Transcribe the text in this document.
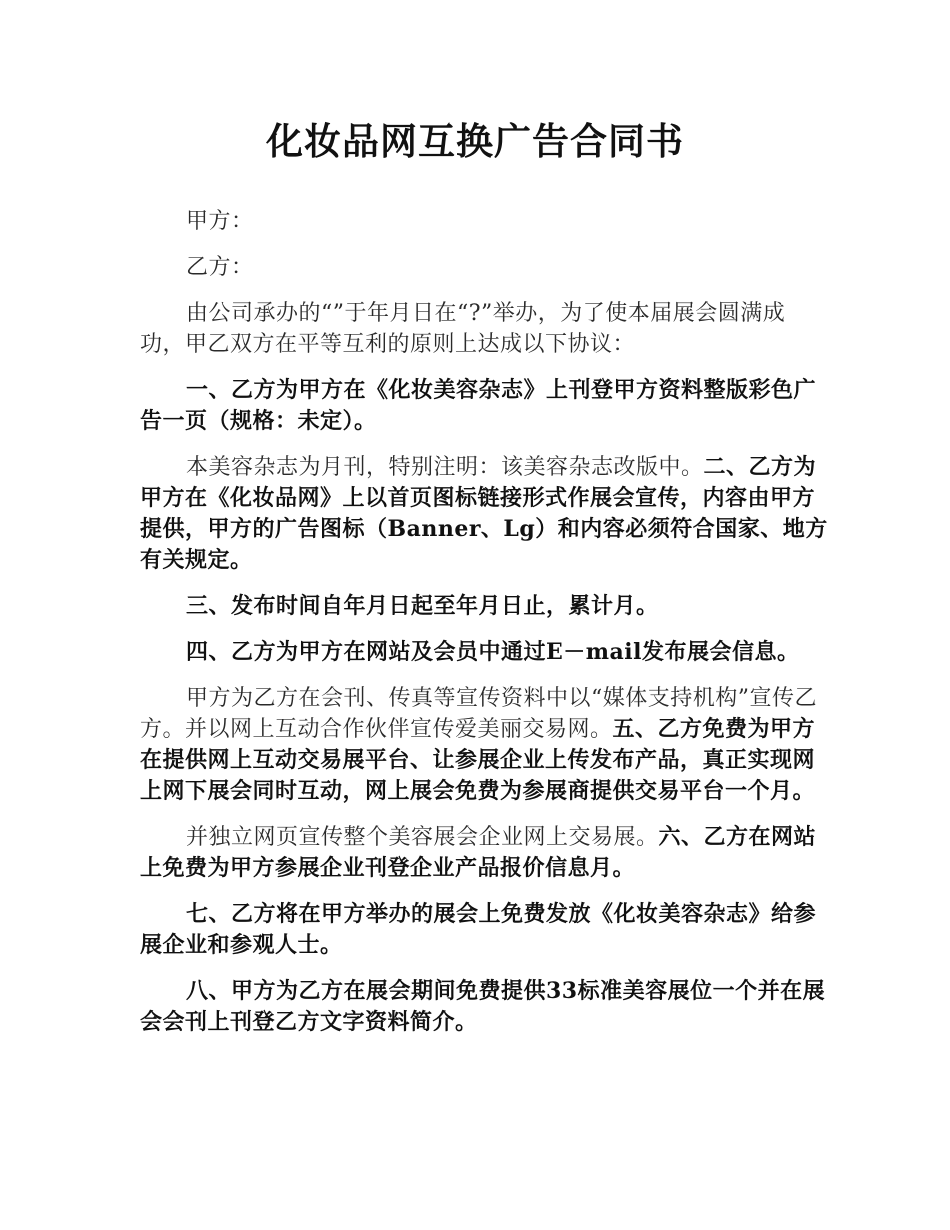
化妆品网互换广告合同书

甲方：

乙方：

由公司承办的“”于年月日在“?”举办，为了使本届展会圆满成功，甲乙双方在平等互利的原则上达成以下协议：

一、乙方为甲方在《化妆美容杂志》上刊登甲方资料整版彩色广告一页（规格：未定）。

本美容杂志为月刊，特别注明：该美容杂志改版中。二、乙方为甲方在《化妆品网》上以首页图标链接形式作展会宣传，内容由甲方提供，甲方的广告图标（Banner、Lg）和内容必须符合国家、地方有关规定。

三、发布时间自年月日起至年月日止，累计月。

四、乙方为甲方在网站及会员中通过E－mail发布展会信息。

甲方为乙方在会刊、传真等宣传资料中以“媒体支持机构”宣传乙方。并以网上互动合作伙伴宣传爱美丽交易网。五、乙方免费为甲方在提供网上互动交易展平台、让参展企业上传发布产品，真正实现网上网下展会同时互动，网上展会免费为参展商提供交易平台一个月。

并独立网页宣传整个美容展会企业网上交易展。六、乙方在网站上免费为甲方参展企业刊登企业产品报价信息月。

七、乙方将在甲方举办的展会上免费发放《化妆美容杂志》给参展企业和参观人士。

八、甲方为乙方在展会期间免费提供33标准美容展位一个并在展会会刊上刊登乙方文字资料简介。
